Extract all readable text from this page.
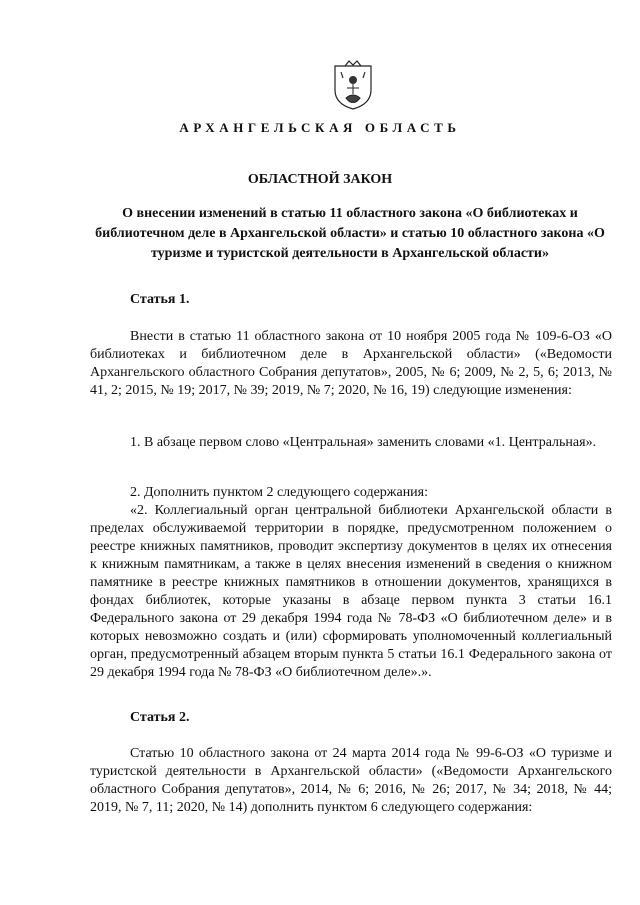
АРХАНГЕЛЬСКАЯ ОБЛАСТЬ
ОБЛАСТНОЙ ЗАКОН
О внесении изменений в статью 11 областного закона «О библиотеках и библиотечном деле в Архангельской области» и статью 10 областного закона «О туризме и туристской деятельности в Архангельской области»
Статья 1.
Внести в статью 11 областного закона от 10 ноября 2005 года № 109-6-ОЗ «О библиотеках и библиотечном деле в Архангельской области» («Ведомости Архангельского областного Собрания депутатов», 2005, № 6; 2009, № 2, 5, 6; 2013, № 41, 2; 2015, № 19; 2017, № 39; 2019, № 7; 2020, № 16, 19) следующие изменения:
1. В абзаце первом слово «Центральная» заменить словами «1. Центральная».
2. Дополнить пунктом 2 следующего содержания:
«2. Коллегиальный орган центральной библиотеки Архангельской области в пределах обслуживаемой территории в порядке, предусмотренном положением о реестре книжных памятников, проводит экспертизу документов в целях их отнесения к книжным памятникам, а также в целях внесения изменений в сведения о книжном памятнике в реестре книжных памятников в отношении документов, хранящихся в фондах библиотек, которые указаны в абзаце первом пункта 3 статьи 16.1 Федерального закона от 29 декабря 1994 года № 78-ФЗ «О библиотечном деле» и в которых невозможно создать и (или) сформировать уполномоченный коллегиальный орган, предусмотренный абзацем вторым пункта 5 статьи 16.1 Федерального закона от 29 декабря 1994 года № 78-ФЗ «О библиотечном деле».».
Статья 2.
Статью 10 областного закона от 24 марта 2014 года № 99-6-ОЗ «О туризме и туристской деятельности в Архангельской области» («Ведомости Архангельского областного Собрания депутатов», 2014, № 6; 2016, № 26; 2017, № 34; 2018, № 44; 2019, № 7, 11; 2020, № 14) дополнить пунктом 6 следующего содержания:
